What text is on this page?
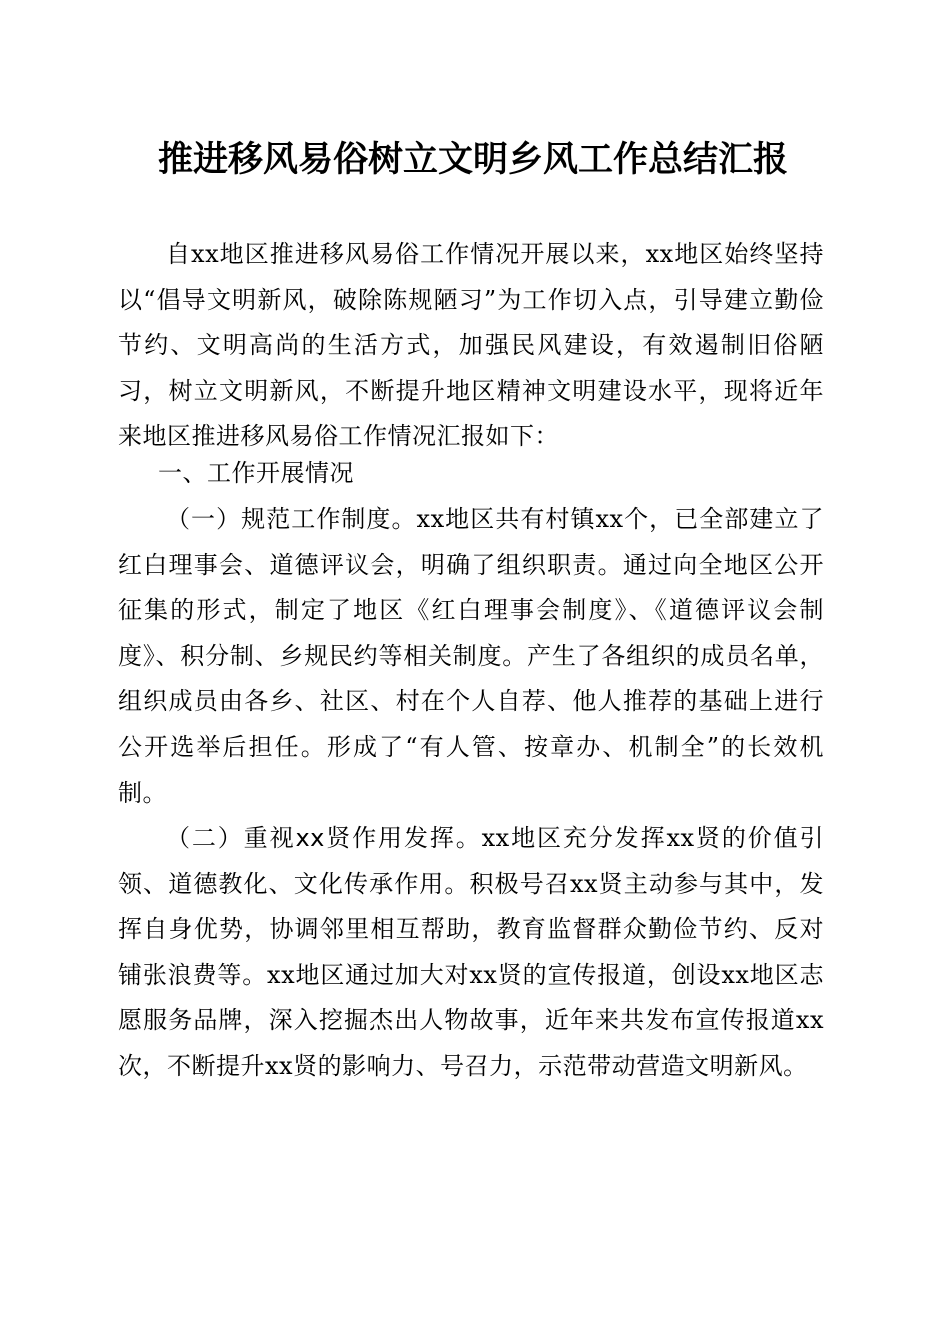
推进移风易俗树立文明乡风工作总结汇报
自xx地区推进移风易俗工作情况开展以来，xx地区始终坚持以“倡导文明新风，破除陈规陋习”为工作切入点，引导建立勤俭节约、文明高尚的生活方式，加强民风建设，有效遏制旧俗陋习，树立文明新风，不断提升地区精神文明建设水平，现将近年来地区推进移风易俗工作情况汇报如下：
一、工作开展情况
（一）规范工作制度。xx地区共有村镇xx个，已全部建立了红白理事会、道德评议会，明确了组织职责。通过向全地区公开征集的形式，制定了地区《红白理事会制度》、《道德评议会制度》、积分制、乡规民约等相关制度。产生了各组织的成员名单，组织成员由各乡、社区、村在个人自荐、他人推荐的基础上进行公开选举后担任。形成了“有人管、按章办、机制全”的长效机制。
（二）重视xx贤作用发挥。xx地区充分发挥xx贤的价值引领、道德教化、文化传承作用。积极号召xx贤主动参与其中，发挥自身优势，协调邻里相互帮助，教育监督群众勤俭节约、反对铺张浪费等。xx地区通过加大对xx贤的宣传报道，创设xx地区志愿服务品牌，深入挖掘杰出人物故事，近年来共发布宣传报道xx次，不断提升xx贤的影响力、号召力，示范带动营造文明新风。
